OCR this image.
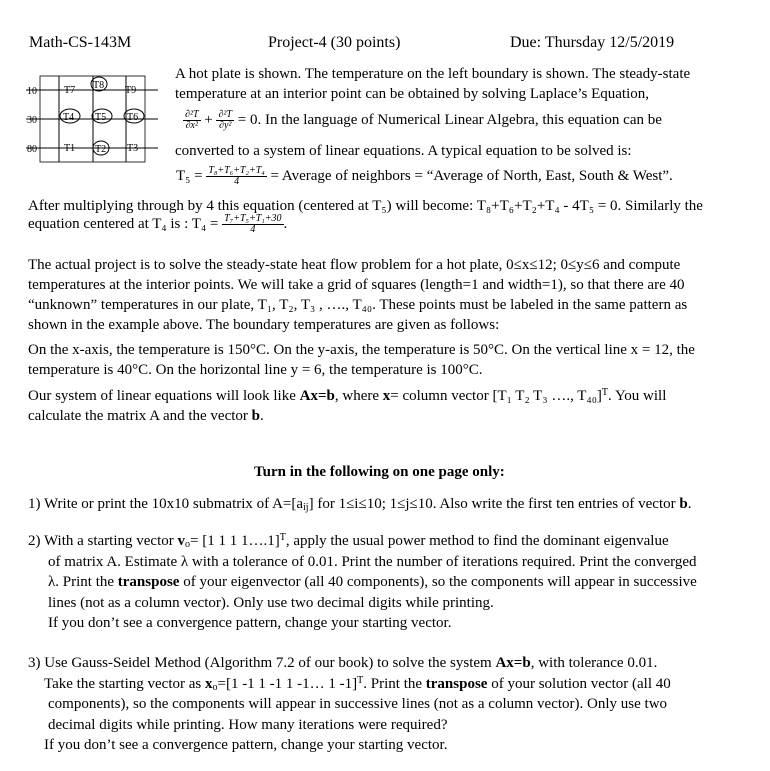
Math-CS-143M	Project-4 (30 points)	Due: Thursday 12/5/2019
10
30
80
T7 T8 T9
T4 T5 T6
T1 T2 T3
A hot plate is shown. The temperature on the left boundary is shown. The steady-state
temperature at an interior point can be obtained by solving Laplace’s Equation,
$\frac{\text{∂²T}}{\text{∂x²}} + \frac{\text{∂²T}}{\text{∂y²}} = 0$. In the language of Numerical Linear Algebra, this equation can be
converted to a system of linear equations. A typical equation to be solved is:
$T_5 = \frac{\text{T₈+T₆+T₂+T₄}}{4}$ = Average of neighbors = “Average of North, East, South & West”.
After multiplying through by 4 this equation (centered at T₅) will become: T₈+T₆+T₂+T₄ - 4T₅ = 0. Similarly the
equation centered at T₄ is : $T_4 = \frac{\text{T₇+T₅+T₁+30}}{4}$ .
The actual project is to solve the steady-state heat flow problem for a hot plate, 0≤x≤12; 0≤y≤6 and compute
temperatures at the interior points. We will take a grid of squares (length=1 and width=1), so that there are 40
“unknown” temperatures in our plate, T₁, T₂, T₃ , …., T₄₀. These points must be labeled in the same pattern as
shown in the example above. The boundary temperatures are given as follows:
On the x-axis, the temperature is 150°C. On the y-axis, the temperature is 50°C. On the vertical line x = 12, the
temperature is 40°C. On the horizontal line y = 6, the temperature is 100°C.
Our system of linear equations will look like Ax=b, where x= column vector [T₁ T₂ T₃ …., T₄₀]$^T$. You will
calculate the matrix A and the vector b.
Turn in the following on one page only:
1) Write or print the 10x10 submatrix of $A=[a_{ij}]$ for 1≤i≤10; 1≤j≤10. Also write the first ten entries of vector b.
2) With a starting vector $v_o= [1$ 1 1 1….1]$^T$, apply the usual power method to find the dominant eigenvalue
of matrix A. Estimate λ with a tolerance of 0.01. Print the number of iterations required. Print the converged
λ. Print the transpose of your eigenvector (all 40 components), so the components will appear in successive
lines (not as a column vector). Only use two decimal digits while printing.
If you don’t see a convergence pattern, change your starting vector.
3) Use Gauss-Seidel Method (Algorithm 7.2 of our book) to solve the system Ax=b, with tolerance 0.01.
Take the starting vector as $x_o=[1$ -1 1 -1 1 -1… 1 -1]$^T$. Print the transpose of your solution vector (all 40
components), so the components will appear in successive lines (not as a column vector). Only use two
decimal digits while printing. How many iterations were required?
If you don’t see a convergence pattern, change your starting vector.
